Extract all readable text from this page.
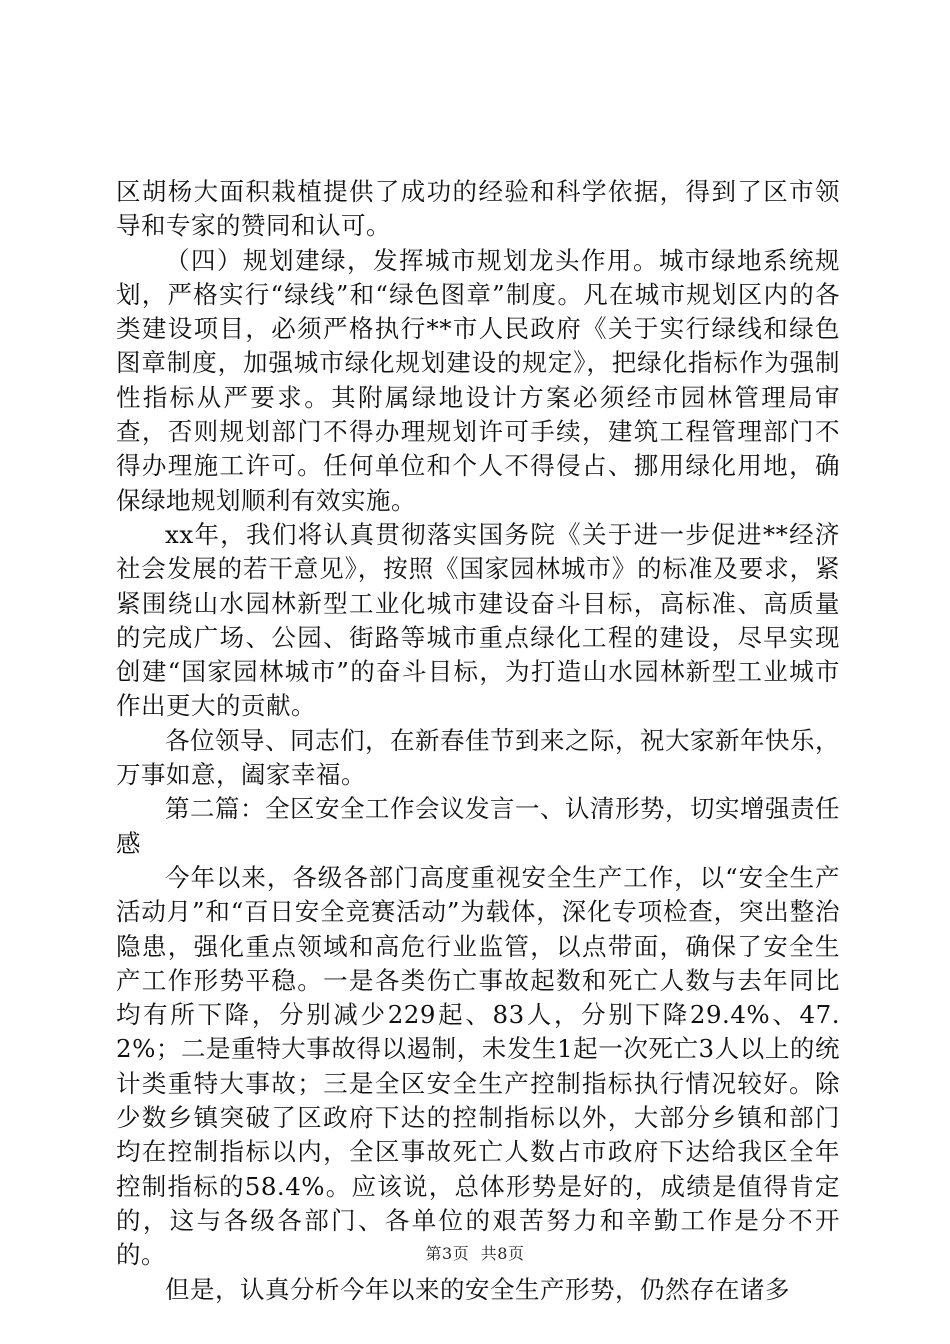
区胡杨大面积栽植提供了成功的经验和科学依据，得到了区市领导和专家的赞同和认可。

（四）规划建绿，发挥城市规划龙头作用。城市绿地系统规划，严格实行“绿线”和“绿色图章”制度。凡在城市规划区内的各类建设项目，必须严格执行**市人民政府《关于实行绿线和绿色图章制度，加强城市绿化规划建设的规定》，把绿化指标作为强制性指标从严要求。其附属绿地设计方案必须经市园林管理局审查，否则规划部门不得办理规划许可手续，建筑工程管理部门不得办理施工许可。任何单位和个人不得侵占、挪用绿化用地，确保绿地规划顺利有效实施。

xx年，我们将认真贯彻落实国务院《关于进一步促进**经济社会发展的若干意见》，按照《国家园林城市》的标准及要求，紧紧围绕山水园林新型工业化城市建设奋斗目标，高标准、高质量的完成广场、公园、街路等城市重点绿化工程的建设，尽早实现创建“国家园林城市”的奋斗目标，为打造山水园林新型工业城市作出更大的贡献。

各位领导、同志们，在新春佳节到来之际，祝大家新年快乐，万事如意，阖家幸福。

第二篇：全区安全工作会议发言一、认清形势，切实增强责任感

今年以来，各级各部门高度重视安全生产工作，以“安全生产活动月”和“百日安全竞赛活动”为载体，深化专项检查，突出整治隐患，强化重点领域和高危行业监管，以点带面，确保了安全生产工作形势平稳。一是各类伤亡事故起数和死亡人数与去年同比均有所下降，分别减少229起、83人，分别下降29.4%、47.2%；二是重特大事故得以遏制，未发生1起一次死亡3人以上的统计类重特大事故；三是全区安全生产控制指标执行情况较好。除少数乡镇突破了区政府下达的控制指标以外，大部分乡镇和部门均在控制指标以内，全区事故死亡人数占市政府下达给我区全年控制指标的58.4%。应该说，总体形势是好的，成绩是值得肯定的，这与各级各部门、各单位的艰苦努力和辛勤工作是分不开的。

但是，认真分析今年以来的安全生产形势，仍然存在诸多

第3页 共8页
